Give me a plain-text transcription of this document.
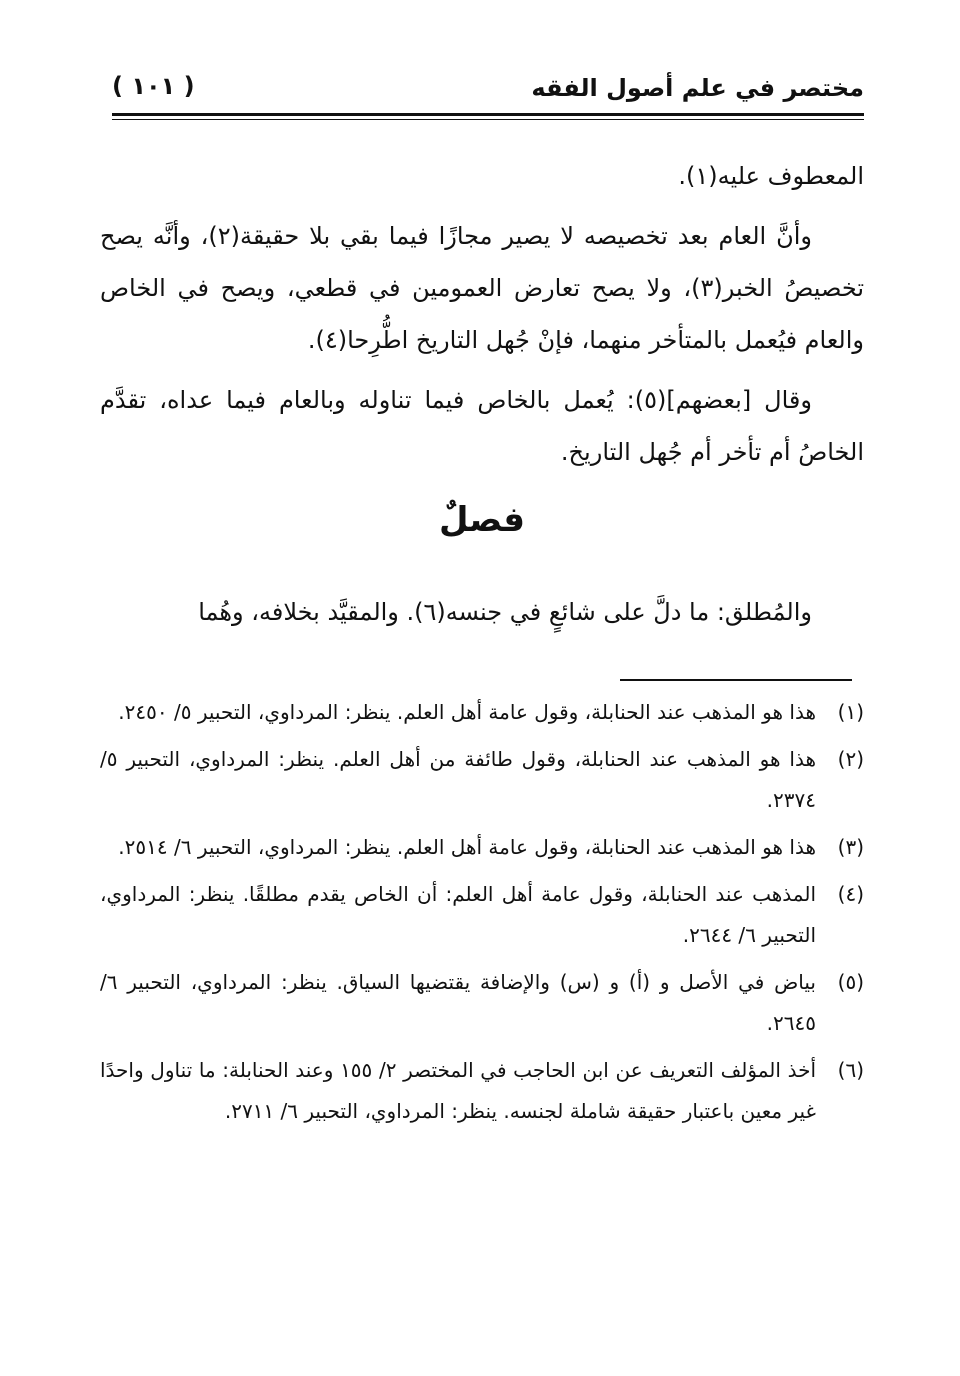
مختصر في علم أصول الفقه
( ١٠١ )

المعطوف عليه(١).

وأنَّ العام بعد تخصيصه لا يصير مجازًا فيما بقي بلا حقيقة(٢)، وأنَّه يصح تخصيصُ الخبر(٣)، ولا يصح تعارض العمومين في قطعي، ويصح في الخاص والعام فيُعمل بالمتأخر منهما، فإنْ جُهل التاريخ اطُّرِحا(٤).

وقال [بعضهم](٥): يُعمل بالخاص فيما تناوله وبالعام فيما عداه، تقدَّم الخاصُ أم تأخر أم جُهل التاريخ.

فصلٌ
والمُطلق: ما دلَّ على شائعٍ في جنسه(٦). والمقيَّد بخلافه، وهُما
(١)
هذا هو المذهب عند الحنابلة، وقول عامة أهل العلم. ينظر: المرداوي، التحبير ٥/ ٢٤٥٠.
(٢)
هذا هو المذهب عند الحنابلة، وقول طائفة من أهل العلم. ينظر: المرداوي، التحبير ٥/ ٢٣٧٤.
(٣)
هذا هو المذهب عند الحنابلة، وقول عامة أهل العلم. ينظر: المرداوي، التحبير ٦/ ٢٥١٤.
(٤)
المذهب عند الحنابلة، وقول عامة أهل العلم: أن الخاص يقدم مطلقًا. ينظر: المرداوي، التحبير ٦/ ٢٦٤٤.
(٥)
بياض في الأصل و (أ) و (س) والإضافة يقتضيها السياق. ينظر: المرداوي، التحبير ٦/ ٢٦٤٥.
(٦)
أخذ المؤلف التعريف عن ابن الحاجب في المختصر ٢/ ١٥٥ وعند الحنابلة: ما تناول واحدًا غير معين باعتبار حقيقة شاملة لجنسه. ينظر: المرداوي، التحبير ٦/ ٢٧١١.
